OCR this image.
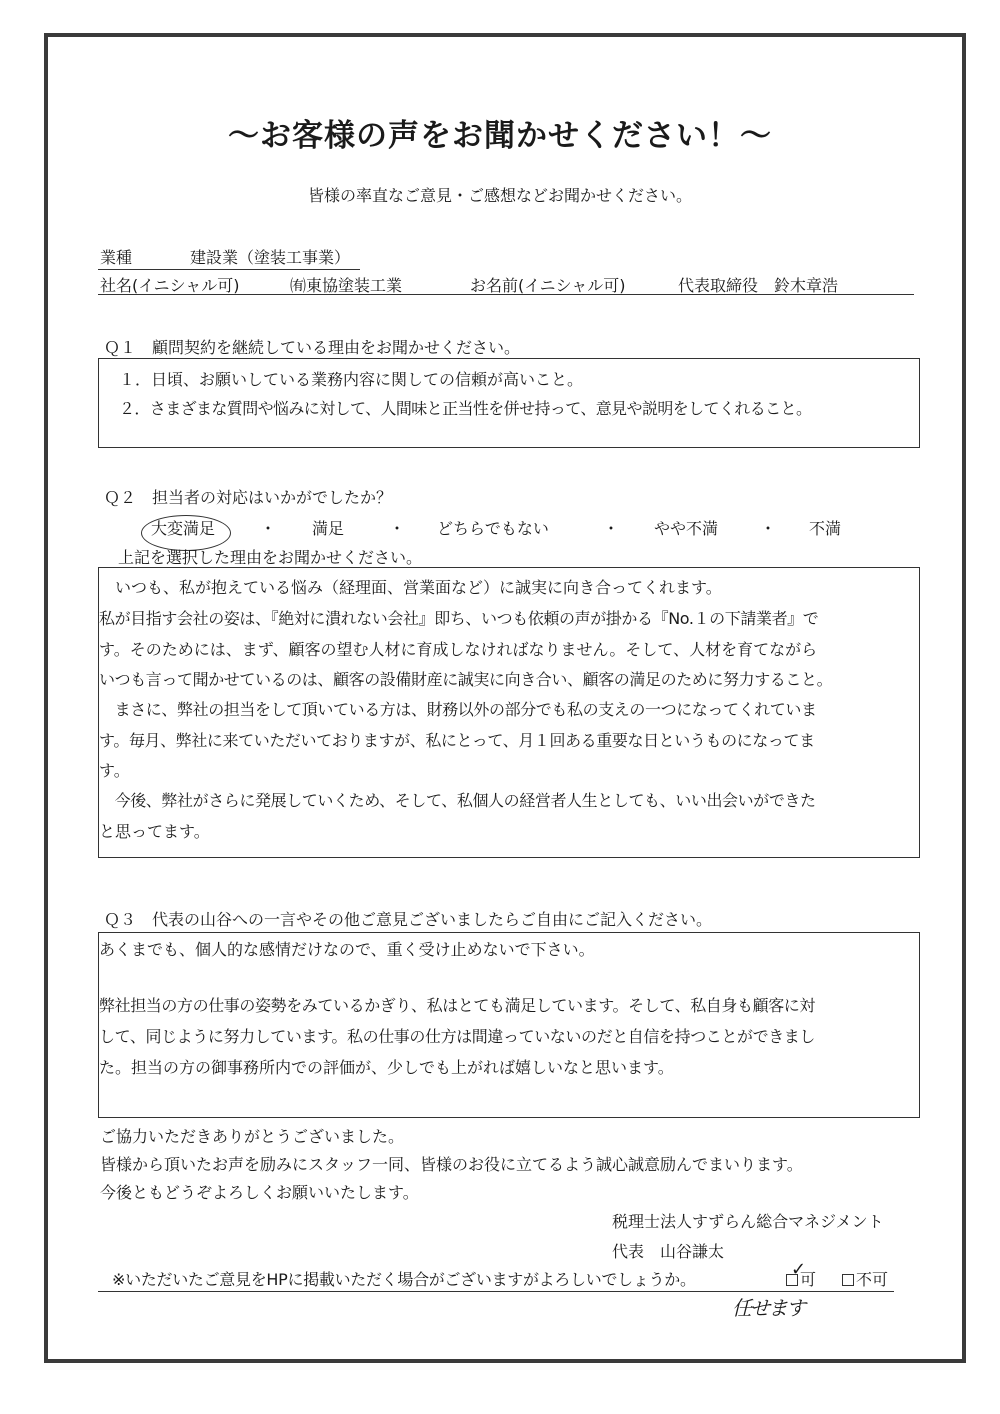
〜お客様の声をお聞かせください！〜
皆様の率直なご意見・ご感想などお聞かせください。
業種	建設業（塗装工事業）
社名(イニシャル可)	㈲東協塗装工業	お名前(イニシャル可)	代表取締役　鈴木章浩
Ｑ１　顧問契約を継続している理由をお聞かせください。
１．日頃、お願いしている業務内容に関しての信頼が高いこと。
２．さまざまな質問や悩みに対して、人間味と正当性を併せ持って、意見や説明をしてくれること。
Ｑ２　担当者の対応はいかがでしたか？
大変満足	・ 満足	・ どちらでもない	・ やや不満	・ 不満
上記を選択した理由をお聞かせください。
　いつも、私が抱えている悩み（経理面、営業面など）に誠実に向き合ってくれます。
私が目指す会社の姿は、『絶対に潰れない会社』即ち、いつも依頼の声が掛かる『No.１の下請業者』で
す。そのためには、まず、顧客の望む人材に育成しなければなりません。そして、人材を育てながら
いつも言って聞かせているのは、顧客の設備財産に誠実に向き合い、顧客の満足のために努力すること。
　まさに、弊社の担当をして頂いている方は、財務以外の部分でも私の支えの一つになってくれていま
す。毎月、弊社に来ていただいておりますが、私にとって、月１回ある重要な日というものになってま
す。
　今後、弊社がさらに発展していくため、そして、私個人の経営者人生としても、いい出会いができた
と思ってます。
Ｑ３　代表の山谷への一言やその他ご意見ございましたらご自由にご記入ください。
あくまでも、個人的な感情だけなので、重く受け止めないで下さい。
弊社担当の方の仕事の姿勢をみているかぎり、私はとても満足しています。そして、私自身も顧客に対
して、同じように努力しています。私の仕事の仕方は間違っていないのだと自信を持つことができまし
た。担当の方の御事務所内での評価が、少しでも上がれば嬉しいなと思います。
ご協力いただきありがとうございました。
皆様から頂いたお声を励みにスタッフ一同、皆様のお役に立てるよう誠心誠意励んでまいります。
今後ともどうぞよろしくお願いいたします。
税理士法人すずらん総合マネジメント
代表　山谷謙太
※いただいたご意見をHPに掲載いただく場合がございますがよろしいでしょうか。	✓
可	不可
任せます
